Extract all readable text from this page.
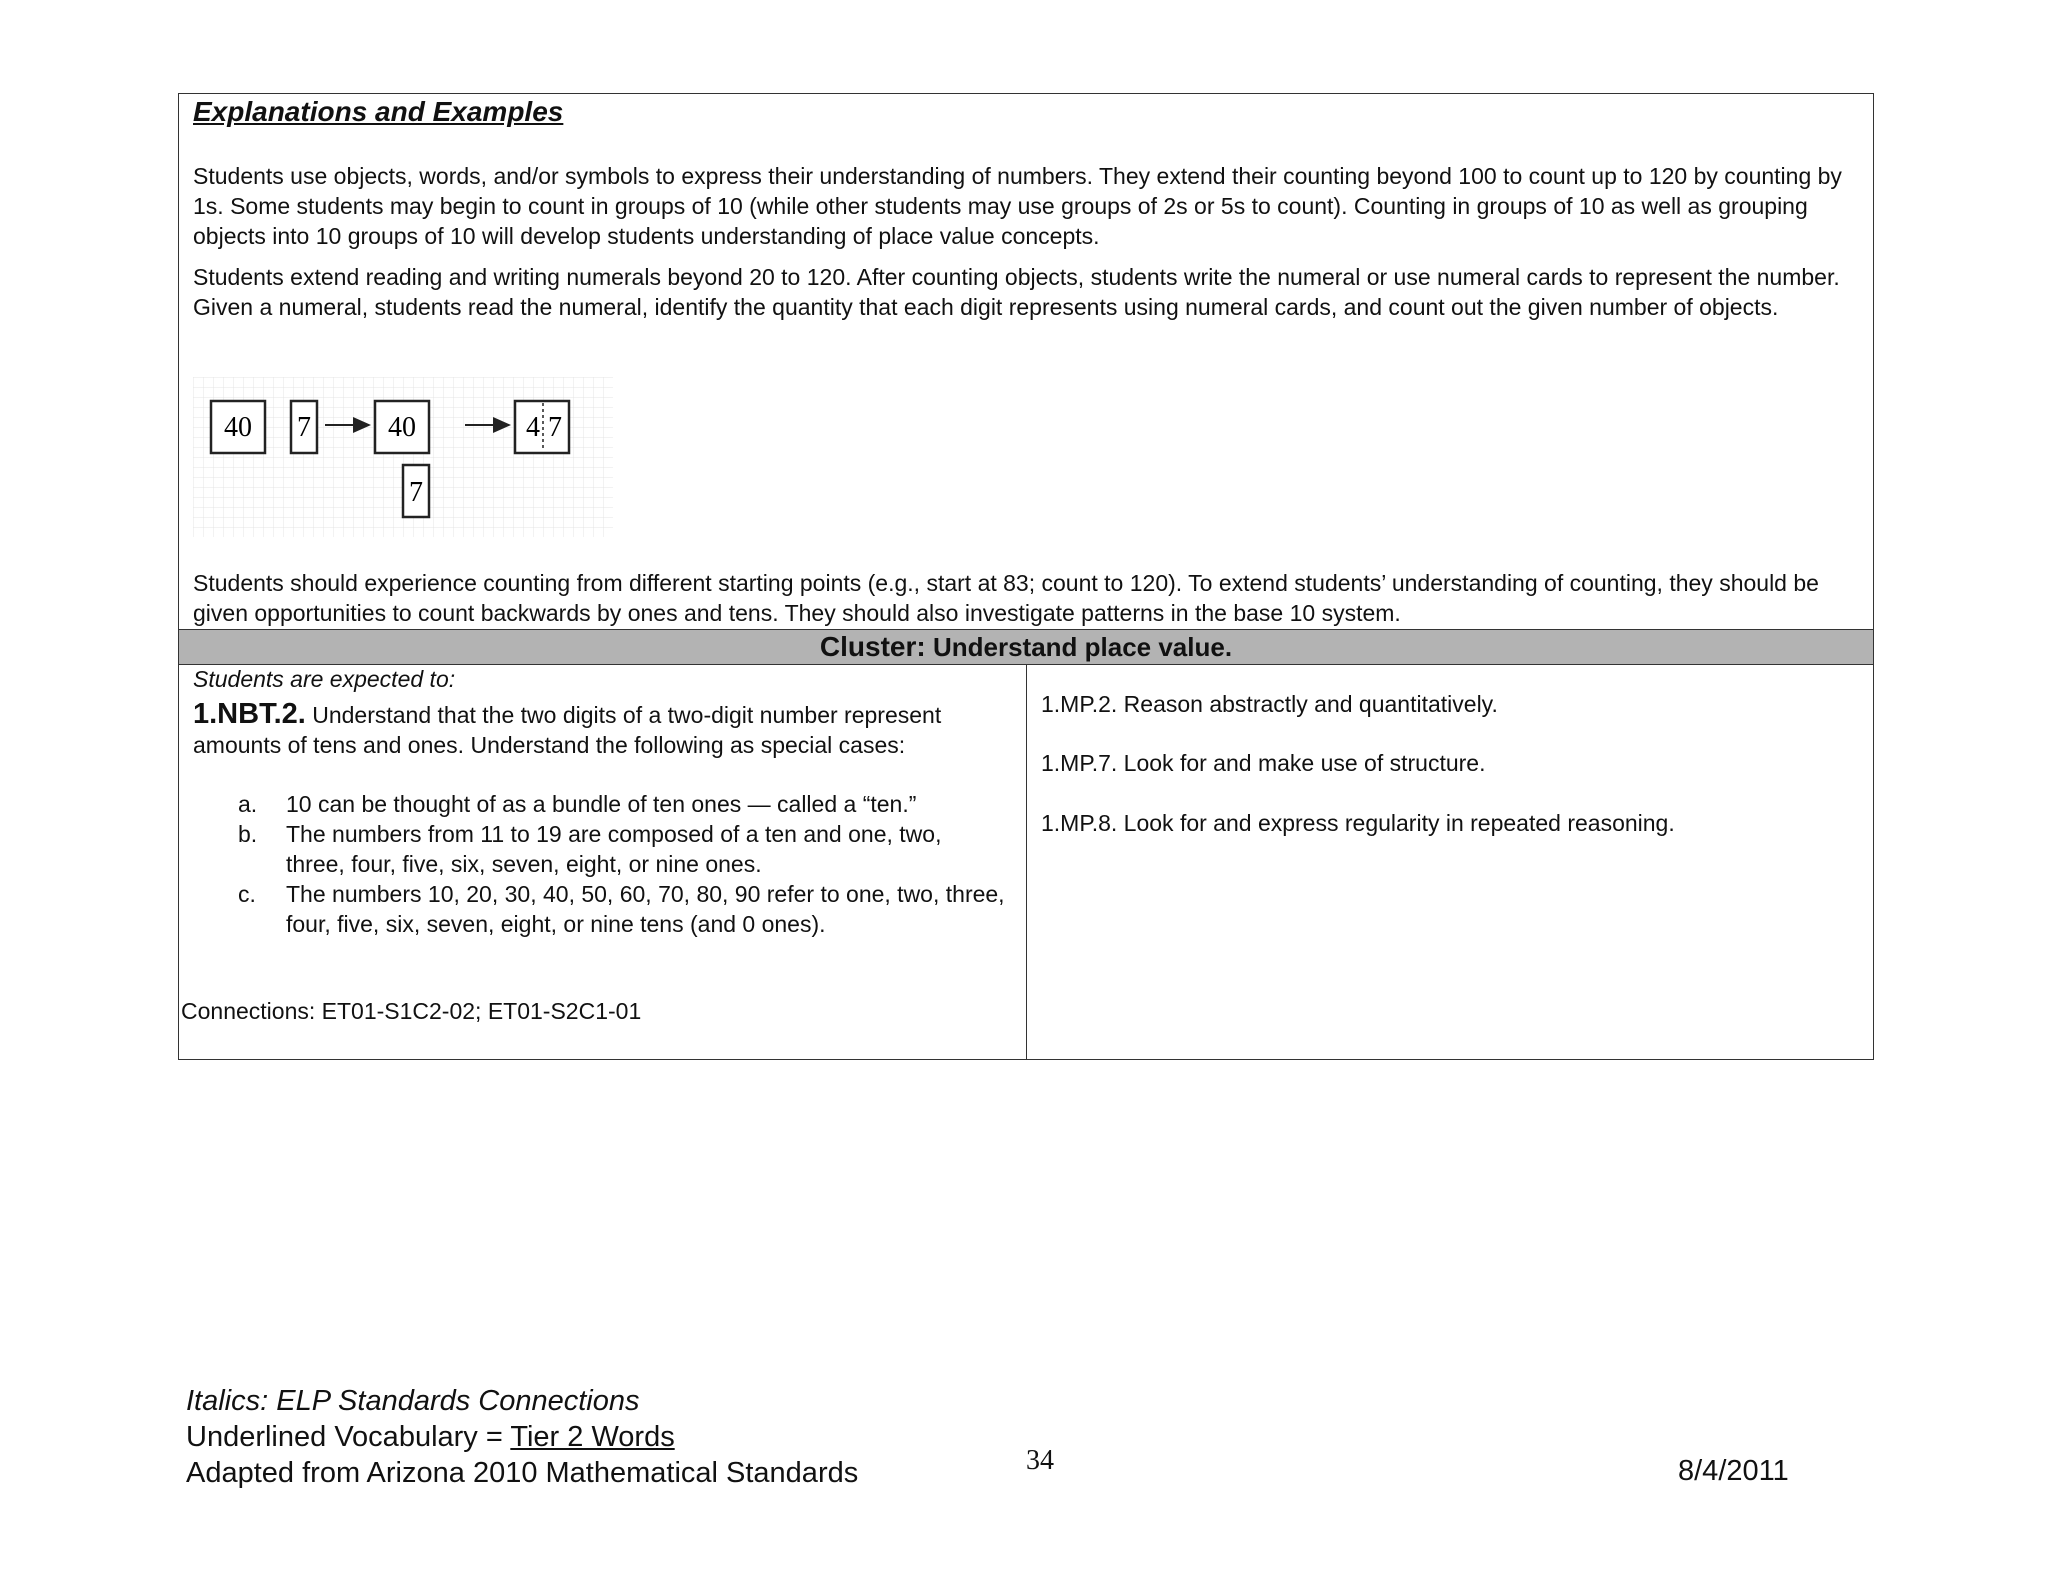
Explanations and Examples
Students use objects, words, and/or symbols to express their understanding of numbers. They extend their counting beyond 100 to count up to 120 by counting by 1s. Some students may begin to count in groups of 10 (while other students may use groups of 2s or 5s to count). Counting in groups of 10 as well as grouping objects into 10 groups of 10 will develop students understanding of place value concepts.
Students extend reading and writing numerals beyond 20 to 120. After counting objects, students write the numeral or use numeral cards to represent the number. Given a numeral, students read the numeral, identify the quantity that each digit represents using numeral cards, and count out the given number of objects.
40 7	40
7
4 7
Students should experience counting from different starting points (e.g., start at 83; count to 120). To extend students’ understanding of counting, they should be given opportunities to count backwards by ones and tens. They should also investigate patterns in the base 10 system.
Cluster: Understand place value.
Students are expected to:
1.NBT.2. Understand that the two digits of a two-digit number represent amounts of tens and ones. Understand the following as special cases:
a. 10 can be thought of as a bundle of ten ones — called a “ten.”
b. The numbers from 11 to 19 are composed of a ten and one, two, three, four, five, six, seven, eight, or nine ones.
c. The numbers 10, 20, 30, 40, 50, 60, 70, 80, 90 refer to one, two, three, four, five, six, seven, eight, or nine tens (and 0 ones).
Connections: ET01-S1C2-02; ET01-S2C1-01
1.MP.2. Reason abstractly and quantitatively.
1.MP.7. Look for and make use of structure.
1.MP.8. Look for and express regularity in repeated reasoning.
Italics: ELP Standards Connections
Underlined Vocabulary = Tier 2 Words
Adapted from Arizona 2010 Mathematical Standards	34	8/4/2011
